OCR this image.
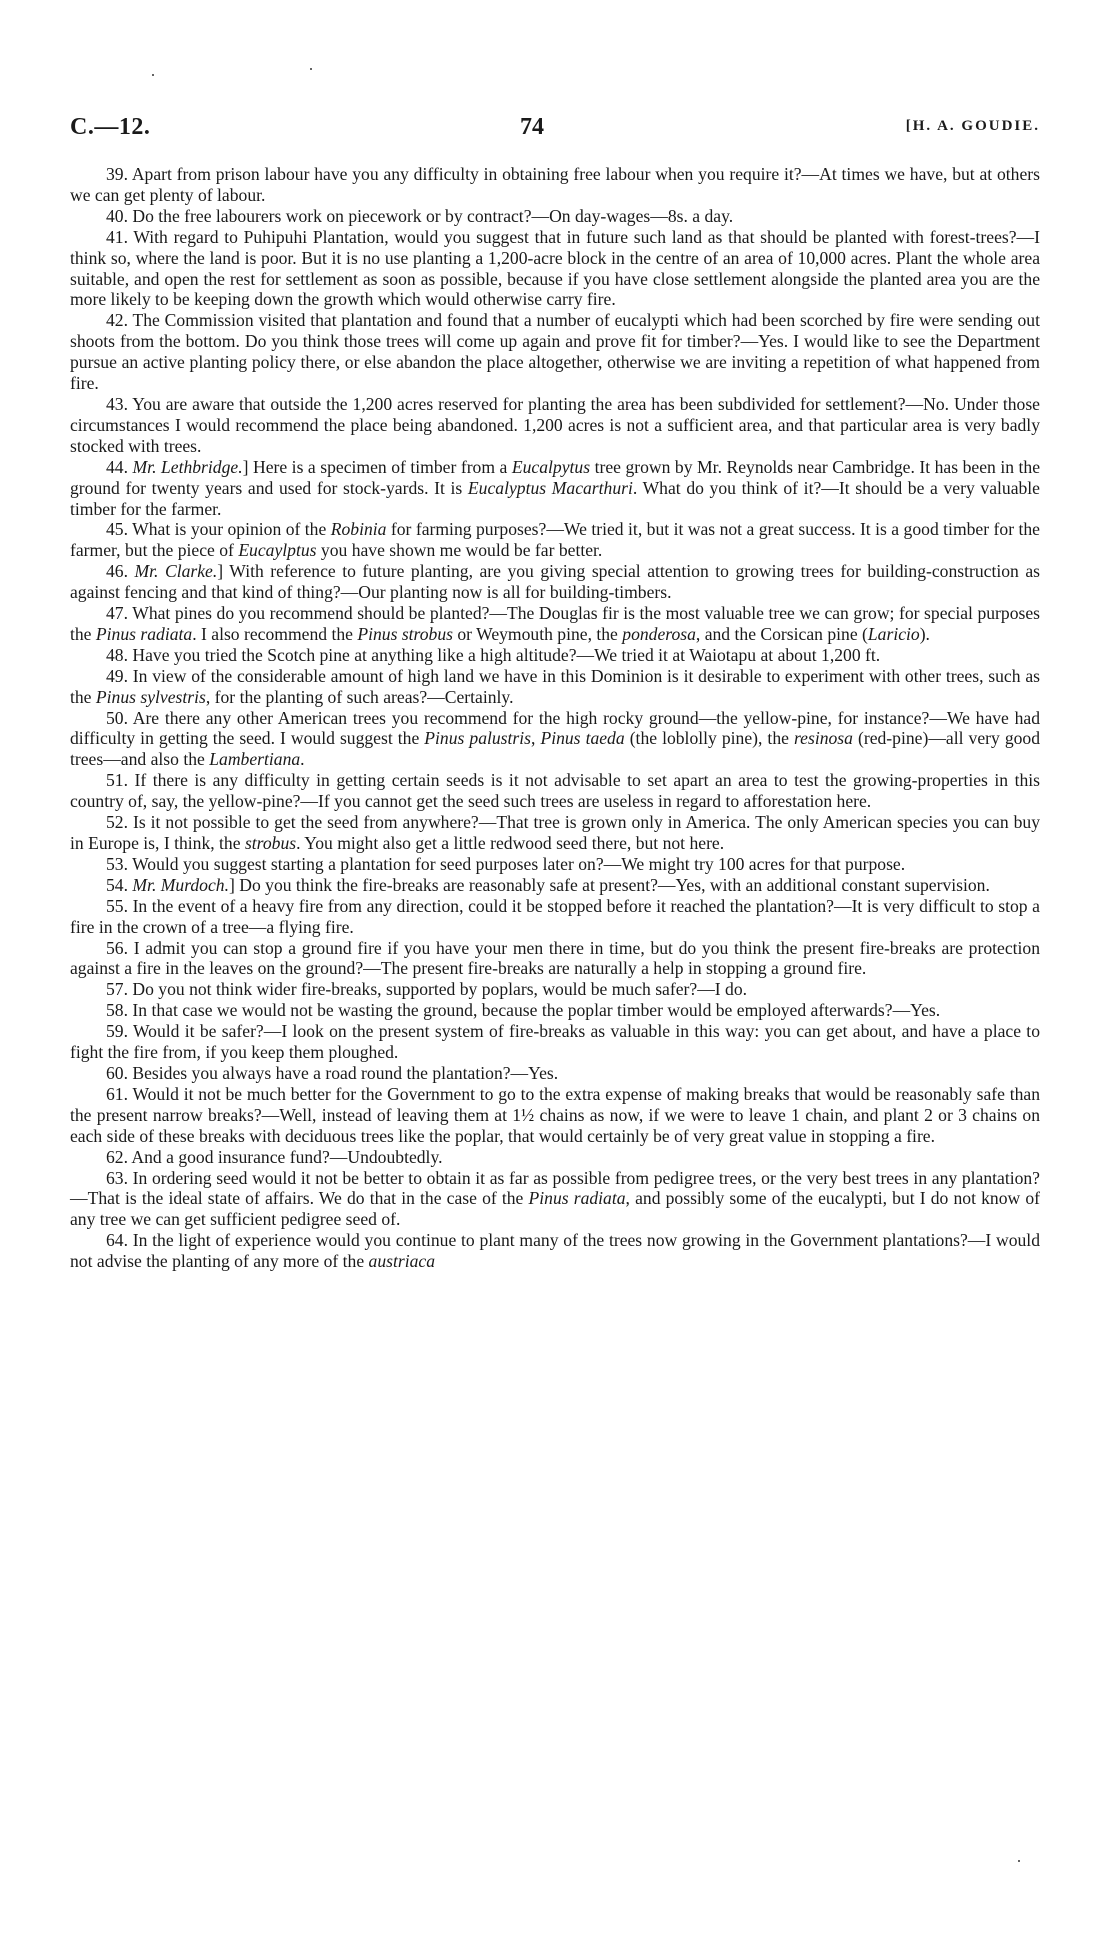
C.—12.	74	[H. A. GOUDIE.

39. Apart from prison labour have you any difficulty in obtaining free labour when you require it?—At times we have, but at others we can get plenty of labour.

40. Do the free labourers work on piecework or by contract?—On day-wages—8s. a day.

41. With regard to Puhipuhi Plantation, would you suggest that in future such land as that should be planted with forest-trees?—I think so, where the land is poor. But it is no use planting a 1,200-acre block in the centre of an area of 10,000 acres. Plant the whole area suitable, and open the rest for settlement as soon as possible, because if you have close settlement alongside the planted area you are the more likely to be keeping down the growth which would otherwise carry fire.

42. The Commission visited that plantation and found that a number of eucalypti which had been scorched by fire were sending out shoots from the bottom. Do you think those trees will come up again and prove fit for timber?—Yes. I would like to see the Department pursue an active planting policy there, or else abandon the place altogether, otherwise we are inviting a repetition of what happened from fire.

43. You are aware that outside the 1,200 acres reserved for planting the area has been subdivided for settlement?—No. Under those circumstances I would recommend the place being abandoned. 1,200 acres is not a sufficient area, and that particular area is very badly stocked with trees.

44. Mr. Lethbridge.] Here is a specimen of timber from a Eucalpytus tree grown by Mr. Reynolds near Cambridge. It has been in the ground for twenty years and used for stock-yards. It is Eucalyptus Macarthuri. What do you think of it?—It should be a very valuable timber for the farmer.

45. What is your opinion of the Robinia for farming purposes?—We tried it, but it was not a great success. It is a good timber for the farmer, but the piece of Eucaylptus you have shown me would be far better.

46. Mr. Clarke.] With reference to future planting, are you giving special attention to growing trees for building-construction as against fencing and that kind of thing?—Our planting now is all for building-timbers.

47. What pines do you recommend should be planted?—The Douglas fir is the most valuable tree we can grow; for special purposes the Pinus radiata. I also recommend the Pinus strobus or Weymouth pine, the ponderosa, and the Corsican pine (Laricio).

48. Have you tried the Scotch pine at anything like a high altitude?—We tried it at Waiotapu at about 1,200 ft.

49. In view of the considerable amount of high land we have in this Dominion is it desirable to experiment with other trees, such as the Pinus sylvestris, for the planting of such areas?—Certainly.

50. Are there any other American trees you recommend for the high rocky ground—the yellow-pine, for instance?—We have had difficulty in getting the seed. I would suggest the Pinus palustris, Pinus taeda (the loblolly pine), the resinosa (red-pine)—all very good trees—and also the Lambertiana.

51. If there is any difficulty in getting certain seeds is it not advisable to set apart an area to test the growing-properties in this country of, say, the yellow-pine?—If you cannot get the seed such trees are useless in regard to afforestation here.

52. Is it not possible to get the seed from anywhere?—That tree is grown only in America. The only American species you can buy in Europe is, I think, the strobus. You might also get a little redwood seed there, but not here.

53. Would you suggest starting a plantation for seed purposes later on?—We might try 100 acres for that purpose.

54. Mr. Murdoch.] Do you think the fire-breaks are reasonably safe at present?—Yes, with an additional constant supervision.

55. In the event of a heavy fire from any direction, could it be stopped before it reached the plantation?—It is very difficult to stop a fire in the crown of a tree—a flying fire.

56. I admit you can stop a ground fire if you have your men there in time, but do you think the present fire-breaks are protection against a fire in the leaves on the ground?—The present fire-breaks are naturally a help in stopping a ground fire.

57. Do you not think wider fire-breaks, supported by poplars, would be much safer?—I do.

58. In that case we would not be wasting the ground, because the poplar timber would be employed afterwards?—Yes.

59. Would it be safer?—I look on the present system of fire-breaks as valuable in this way: you can get about, and have a place to fight the fire from, if you keep them ploughed.

60. Besides you always have a road round the plantation?—Yes.

61. Would it not be much better for the Government to go to the extra expense of making breaks that would be reasonably safe than the present narrow breaks?—Well, instead of leaving them at 1½ chains as now, if we were to leave 1 chain, and plant 2 or 3 chains on each side of these breaks with deciduous trees like the poplar, that would certainly be of very great value in stopping a fire.

62. And a good insurance fund?—Undoubtedly.

63. In ordering seed would it not be better to obtain it as far as possible from pedigree trees, or the very best trees in any plantation?—That is the ideal state of affairs. We do that in the case of the Pinus radiata, and possibly some of the eucalypti, but I do not know of any tree we can get sufficient pedigree seed of.

64. In the light of experience would you continue to plant many of the trees now growing in the Government plantations?—I would not advise the planting of any more of the austriaca
